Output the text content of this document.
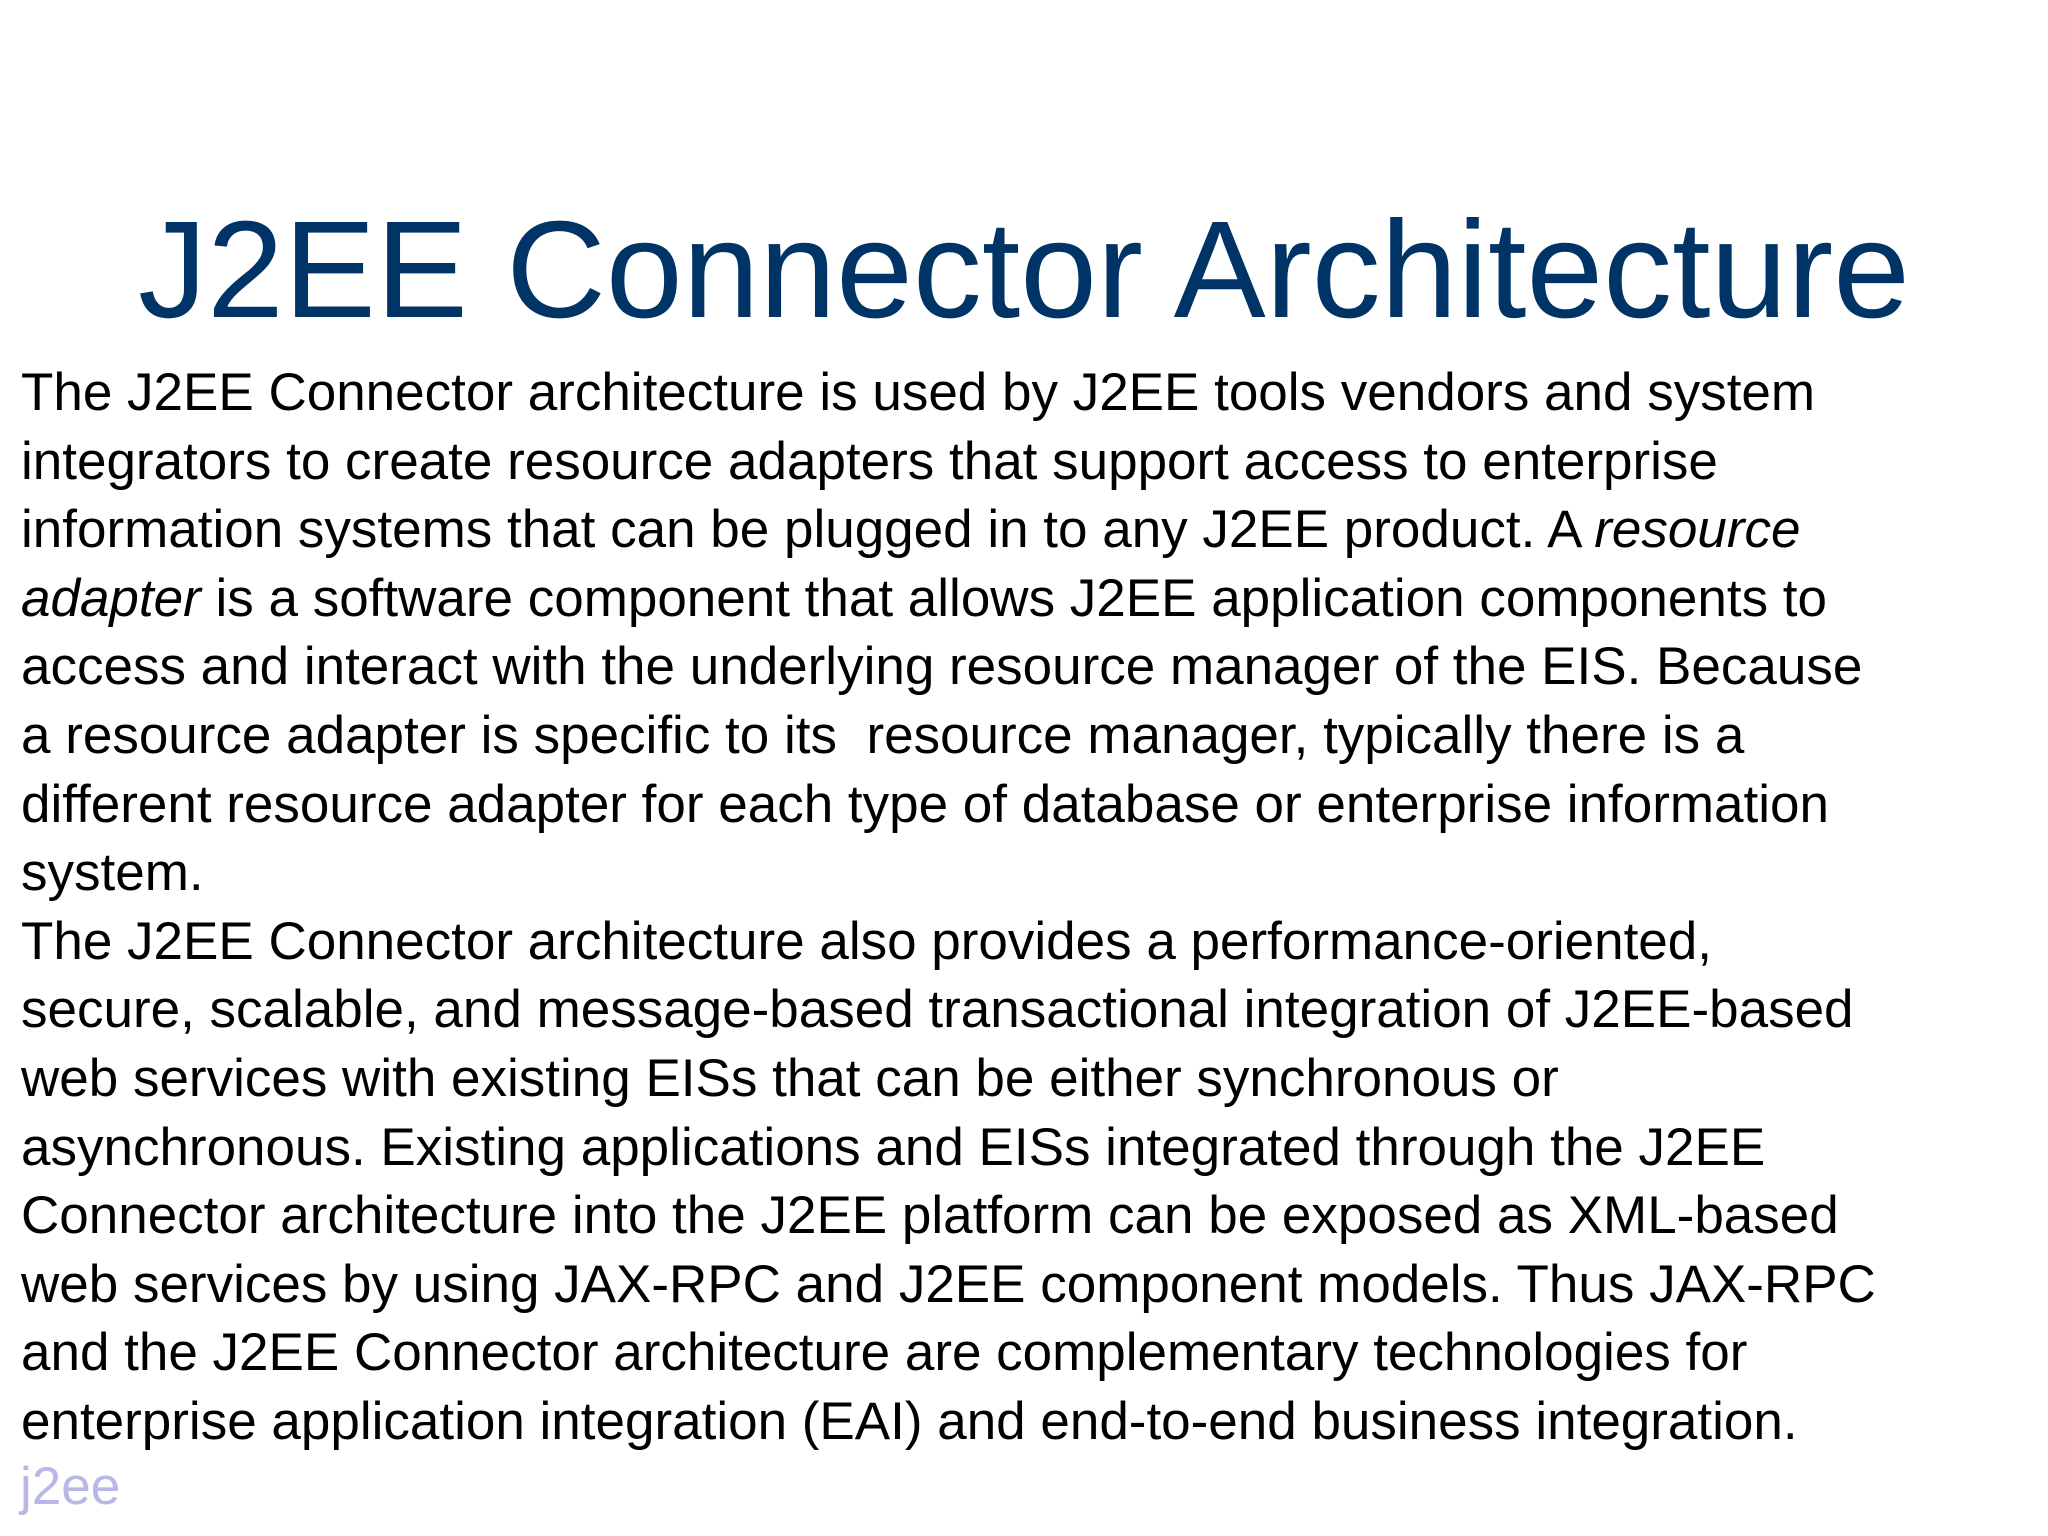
J2EE Connector Architecture

The J2EE Connector architecture is used by J2EE tools vendors and system
integrators to create resource adapters that support access to enterprise
information systems that can be plugged in to any J2EE product. A resource
adapter is a software component that allows J2EE application components to
access and interact with the underlying resource manager of the EIS. Because
a resource adapter is specific to its  resource manager, typically there is a
different resource adapter for each type of database or enterprise information
system.

The J2EE Connector architecture also provides a performance-oriented,
secure, scalable, and message-based transactional integration of J2EE-based
web services with existing EISs that can be either synchronous or
asynchronous. Existing applications and EISs integrated through the J2EE
Connector architecture into the J2EE platform can be exposed as XML-based
web services by using JAX-RPC and J2EE component models. Thus JAX-RPC
and the J2EE Connector architecture are complementary technologies for
enterprise application integration (EAI) and end-to-end business integration.

j2ee
